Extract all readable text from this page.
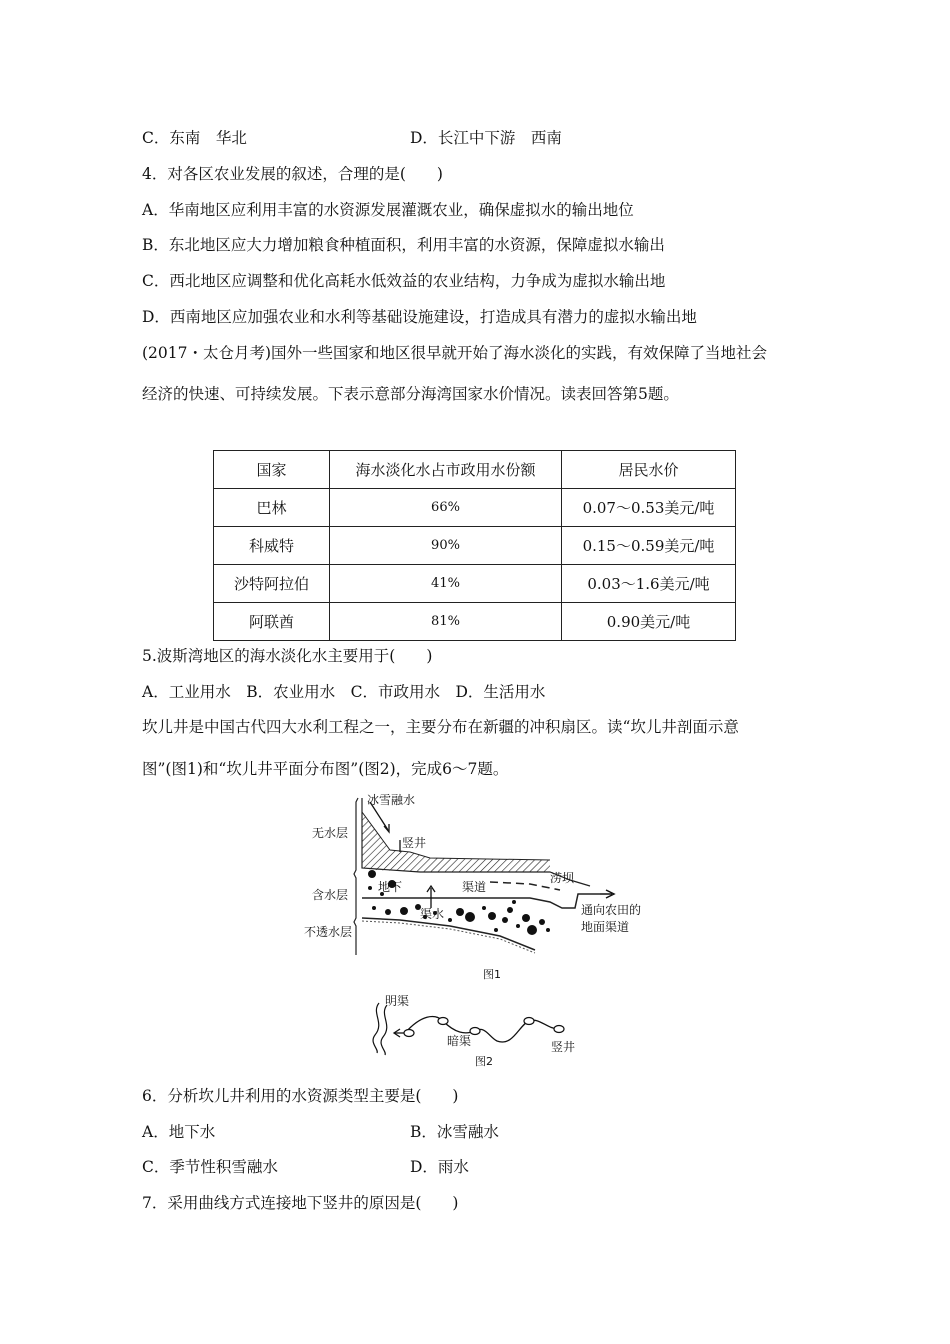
C．东南　华北	D．长江中下游　西南
4．对各区农业发展的叙述，合理的是(　　)
A．华南地区应利用丰富的水资源发展灌溉农业，确保虚拟水的输出地位
B．东北地区应大力增加粮食种植面积，利用丰富的水资源，保障虚拟水输出
C．西北地区应调整和优化高耗水低效益的农业结构，力争成为虚拟水输出地
D．西南地区应加强农业和水利等基础设施建设，打造成具有潜力的虚拟水输出地
(2017・太仓月考)国外一些国家和地区很早就开始了海水淡化的实践，有效保障了当地社会
经济的快速、可持续发展。下表示意部分海湾国家水价情况。读表回答第5题。
国家	海水淡化水占市政用水份额	居民水价
巴林	66%	0.07～0.53美元/吨
科威特	90%	0.15～0.59美元/吨
沙特阿拉伯	41%	0.03～1.6美元/吨
阿联酋	81%	0.90美元/吨
5.波斯湾地区的海水淡化水主要用于(　　)
A．工业用水　B．农业用水　C．市政用水　D．生活用水
坎儿井是中国古代四大水利工程之一，主要分布在新疆的冲积扇区。读“坎儿井剖面示意
图”(图1)和“坎儿井平面分布图”(图2)，完成6～7题。
冰雪融水
无水层
竖井
含水层
地下	渠道
涝坝
渠水	通向农田的
地面渠道
不透水层
图1
明渠
暗渠	竖井
图2
6．分析坎儿井利用的水资源类型主要是(　　)
A．地下水	B．冰雪融水
C．季节性积雪融水	D．雨水
7．采用曲线方式连接地下竖井的原因是(　　)
